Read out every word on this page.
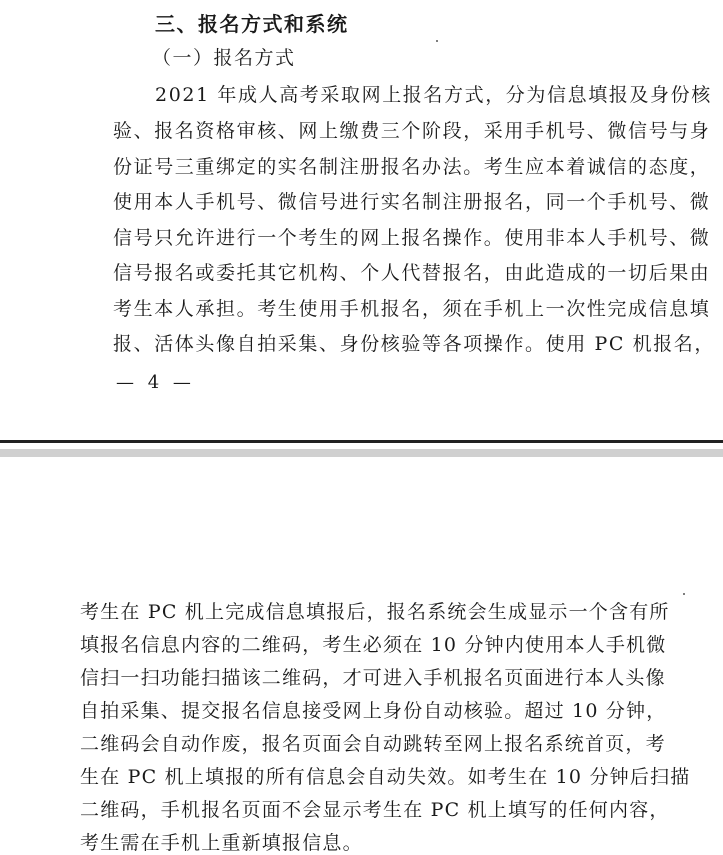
三、报名方式和系统
（一）报名方式
2021 年成人高考采取网上报名方式，分为信息填报及身份核
验、报名资格审核、网上缴费三个阶段，采用手机号、微信号与身
份证号三重绑定的实名制注册报名办法。考生应本着诚信的态度，
使用本人手机号、微信号进行实名制注册报名，同一个手机号、微
信号只允许进行一个考生的网上报名操作。使用非本人手机号、微
信号报名或委托其它机构、个人代替报名，由此造成的一切后果由
考生本人承担。考生使用手机报名，须在手机上一次性完成信息填
报、活体头像自拍采集、身份核验等各项操作。使用 PC 机报名，
— 4 —
考生在 PC 机上完成信息填报后，报名系统会生成显示一个含有所
填报名信息内容的二维码，考生必须在 10 分钟内使用本人手机微
信扫一扫功能扫描该二维码，才可进入手机报名页面进行本人头像
自拍采集、提交报名信息接受网上身份自动核验。超过 10 分钟，
二维码会自动作废，报名页面会自动跳转至网上报名系统首页，考
生在 PC 机上填报的所有信息会自动失效。如考生在 10 分钟后扫描
二维码，手机报名页面不会显示考生在 PC 机上填写的任何内容，
考生需在手机上重新填报信息。
